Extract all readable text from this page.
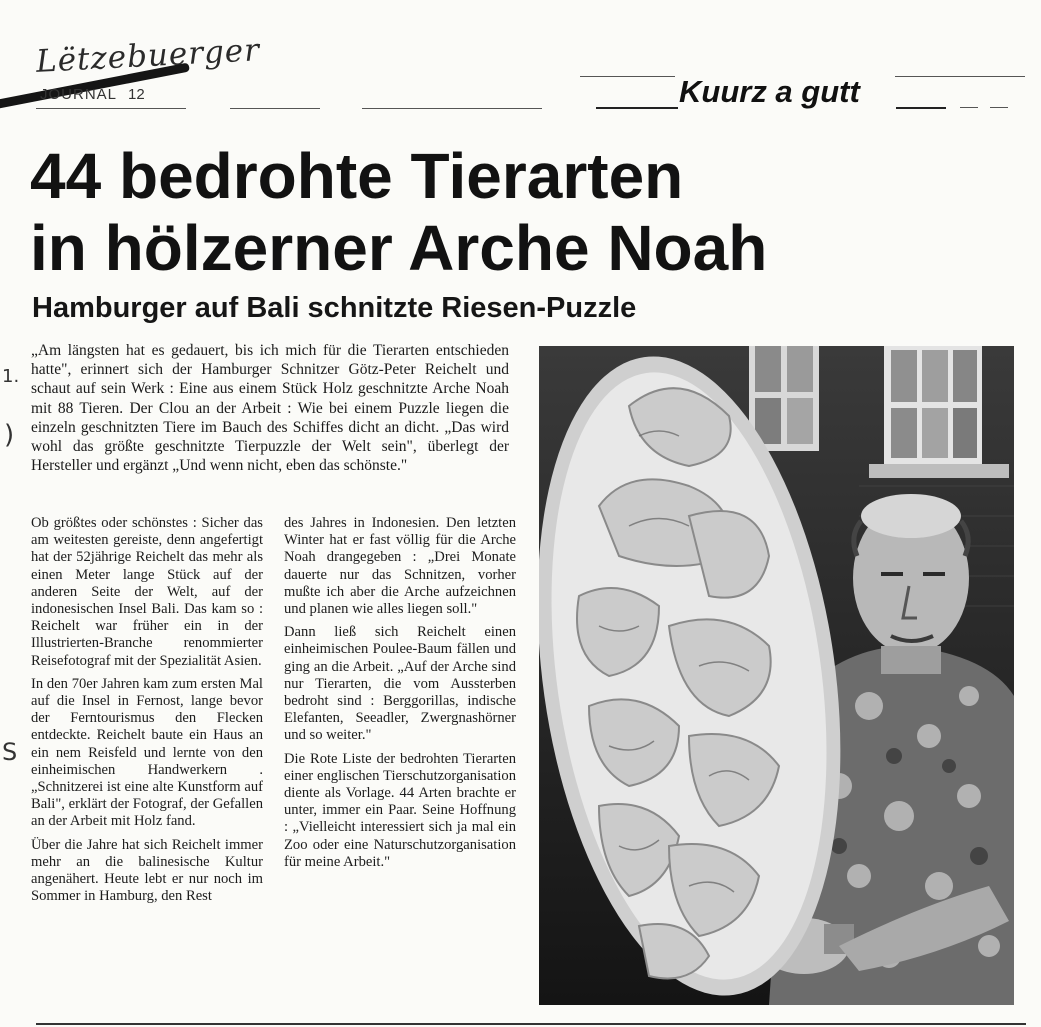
Lëtzebuerger
JOURNAL 12	Kuurz a gutt
44 bedrohte Tierarten
in hölzerner Arche Noah
Hamburger auf Bali schnitzte Riesen-Puzzle
„Am längsten hat es gedauert, bis ich mich für die Tierarten entschieden hatte", erinnert sich der Hamburger Schnitzer Götz-Peter Reichelt und schaut auf sein Werk : Eine aus einem Stück Holz geschnitzte Arche Noah mit 88 Tieren. Der Clou an der Arbeit : Wie bei einem Puzzle liegen die einzeln geschnitzten Tiere im Bauch des Schiffes dicht an dicht. „Das wird wohl das größte geschnitzte Tierpuzzle der Welt sein", überlegt der Hersteller und ergänzt „Und wenn nicht, eben das schönste."
1.
)
S

Ob größtes oder schönstes : Sicher das am weitesten gereiste, denn angefertigt hat der 52jährige Reichelt das mehr als einen Meter lange Stück auf der anderen Seite der Welt, auf der indonesischen Insel Bali. Das kam so : Reichelt war früher ein in der Illustrierten-Branche renommierter Reisefotograf mit der Spezialität Asien.

In den 70er Jahren kam zum ersten Mal auf die Insel in Fernost, lange bevor der Ferntourismus den Flecken entdeckte. Reichelt baute ein Haus an ein nem Reisfeld und lernte von den einheimischen Handwerkern . „Schnitzerei ist eine alte Kunstform auf Bali", erklärt der Fotograf, der Gefallen an der Arbeit mit Holz fand.

Über die Jahre hat sich Reichelt immer mehr an die balinesische Kultur angenähert. Heute lebt er nur noch im Sommer in Hamburg, den Rest

des Jahres in Indonesien. Den letzten Winter hat er fast völlig für die Arche Noah drangegeben : „Drei Monate dauerte nur das Schnitzen, vorher mußte ich aber die Arche aufzeichnen und planen wie alles liegen soll."

Dann ließ sich Reichelt einen einheimischen Poulee-Baum fällen und ging an die Arbeit. „Auf der Arche sind nur Tierarten, die vom Aussterben bedroht sind : Berggorillas, indische Elefanten, Seeadler, Zwergnashörner und so weiter."

Die Rote Liste der bedrohten Tierarten einer englischen Tierschutzorganisation diente als Vorlage. 44 Arten brachte er unter, immer ein Paar. Seine Hoffnung : „Vielleicht interessiert sich ja mal ein Zoo oder eine Naturschutzorganisation für meine Arbeit."
